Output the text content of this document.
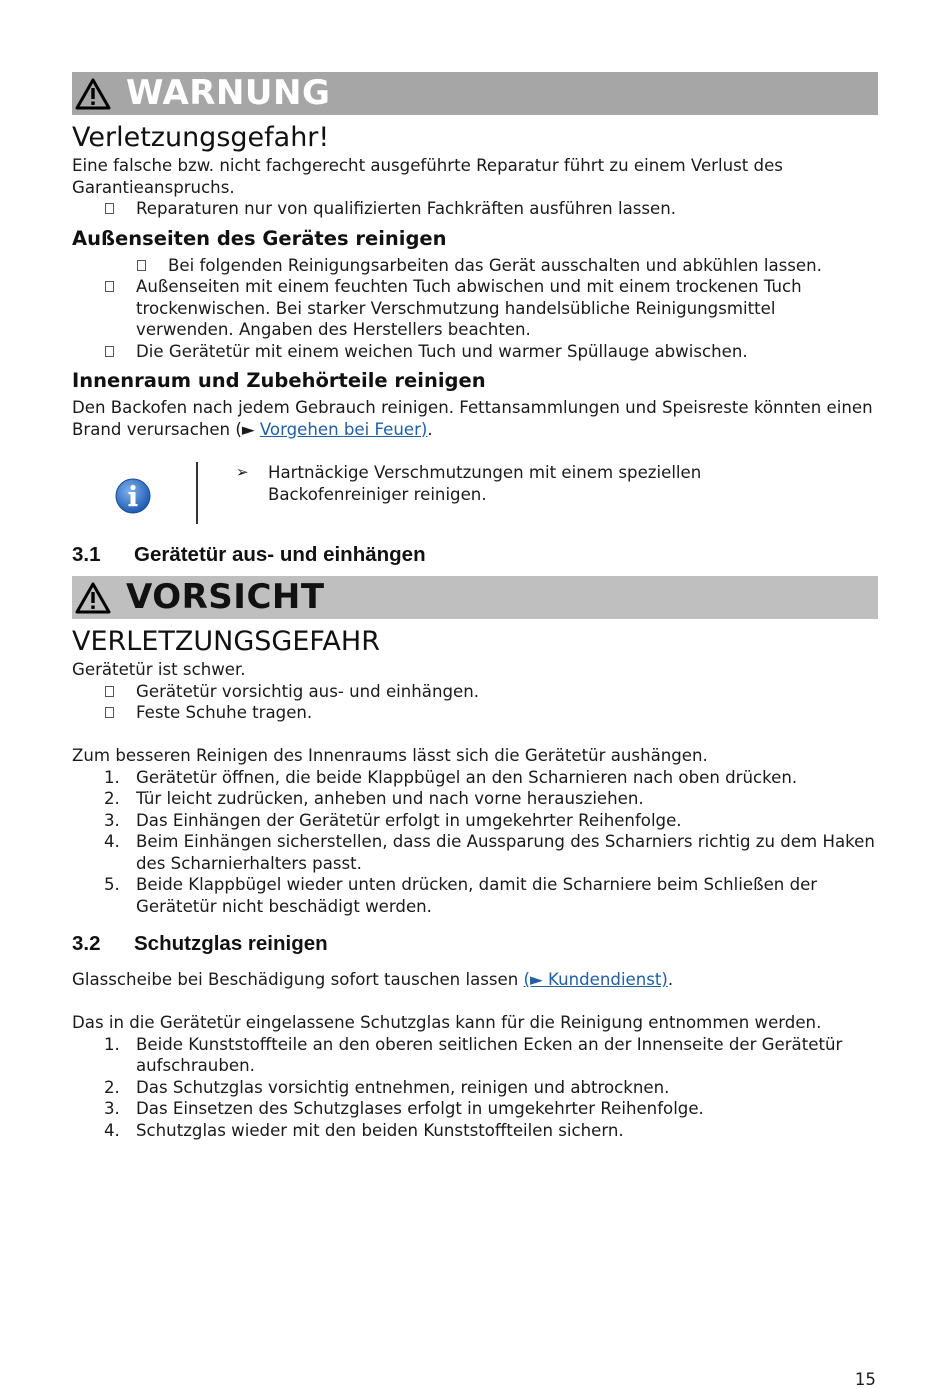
WARNUNG
Verletzungsgefahr!

Eine falsche bzw. nicht fachgerecht ausgeführte Reparatur führt zu einem Verlust des Garantieanspruchs.

Reparaturen nur von qualifizierten Fachkräften ausführen lassen.
Außenseiten des Gerätes reinigen
Bei folgenden Reinigungsarbeiten das Gerät ausschalten und abkühlen lassen.
Außenseiten mit einem feuchten Tuch abwischen und mit einem trockenen Tuch trockenwischen. Bei starker Verschmutzung handelsübliche Reinigungsmittel verwenden. Angaben des Herstellers beachten.
Die Gerätetür mit einem weichen Tuch und warmer Spüllauge abwischen.
Innenraum und Zubehörteile reinigen

Den Backofen nach jedem Gebrauch reinigen. Fettansammlungen und Speisreste könnten einen Brand verursachen (► Vorgehen bei Feuer).

➢ Hartnäckige Verschmutzungen mit einem speziellen Backofenreiniger reinigen.
3.1	Gerätetür aus- und einhängen
VORSICHT
VERLETZUNGSGEFAHR

Gerätetür ist schwer.

Gerätetür vorsichtig aus- und einhängen.
Feste Schuhe tragen.

Zum besseren Reinigen des Innenraums lässt sich die Gerätetür aushängen.

1. Gerätetür öffnen, die beide Klappbügel an den Scharnieren nach oben drücken.
2. Tür leicht zudrücken, anheben und nach vorne herausziehen.
3. Das Einhängen der Gerätetür erfolgt in umgekehrter Reihenfolge.
4. Beim Einhängen sicherstellen, dass die Aussparung des Scharniers richtig zu dem Haken des Scharnierhalters passt.
5. Beide Klappbügel wieder unten drücken, damit die Scharniere beim Schließen der Gerätetür nicht beschädigt werden.
3.2	Schutzglas reinigen

Glasscheibe bei Beschädigung sofort tauschen lassen (► Kundendienst).

Das in die Gerätetür eingelassene Schutzglas kann für die Reinigung entnommen werden.

1. Beide Kunststoffteile an den oberen seitlichen Ecken an der Innenseite der Gerätetür aufschrauben.
2. Das Schutzglas vorsichtig entnehmen, reinigen und abtrocknen.
3. Das Einsetzen des Schutzglases erfolgt in umgekehrter Reihenfolge.
4. Schutzglas wieder mit den beiden Kunststoffteilen sichern.
15
